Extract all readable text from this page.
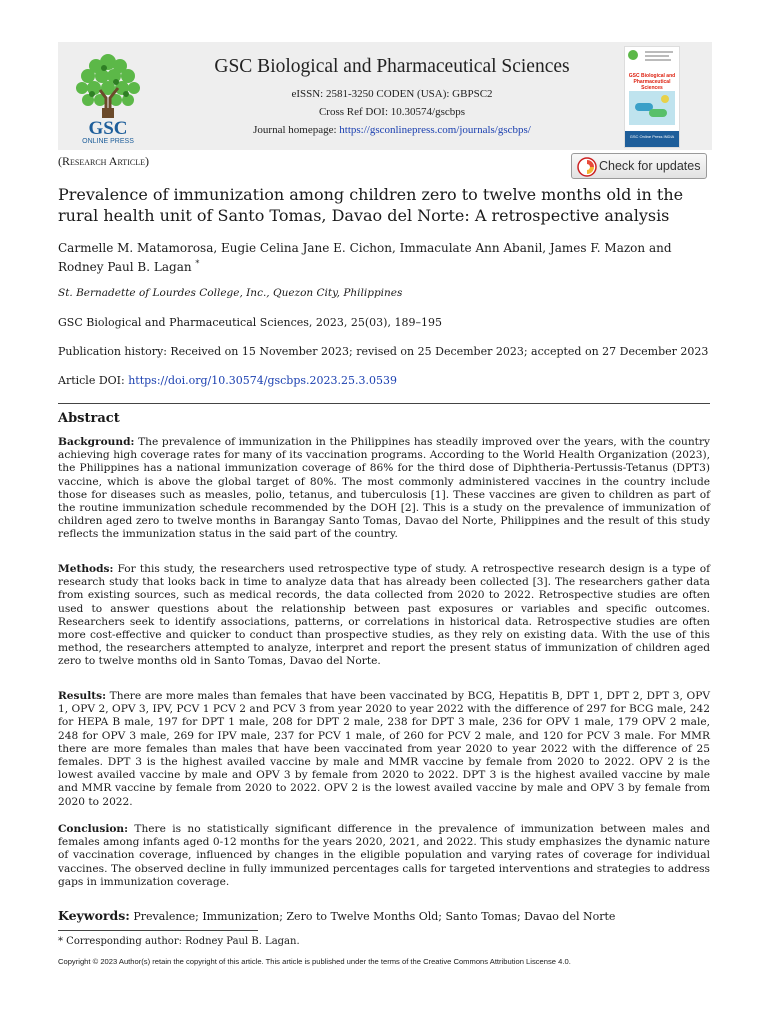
GSC
ONLINE PRESS
GSC Biological and Pharmaceutical Sciences
eISSN: 2581-3250 CODEN (USA): GBPSC2
Cross Ref DOI: 10.30574/gscbps
Journal homepage: https://gsconlinepress.com/journals/gscbps/
GSC Biological and Pharmaceutical Sciences
GSC Online Press INDIA
(Research Article)	Check for updates
Prevalence of immunization among children zero to twelve months old in the rural health unit of Santo Tomas, Davao del Norte: A retrospective analysis
Carmelle M. Matamorosa, Eugie Celina Jane E. Cichon, Immaculate Ann Abanil, James F. Mazon and Rodney Paul B. Lagan *
St. Bernadette of Lourdes College, Inc., Quezon City, Philippines
GSC Biological and Pharmaceutical Sciences, 2023, 25(03), 189–195
Publication history: Received on 15 November 2023; revised on 25 December 2023; accepted on 27 December 2023
Article DOI: https://doi.org/10.30574/gscbps.2023.25.3.0539
Abstract
Background: The prevalence of immunization in the Philippines has steadily improved over the years, with the country achieving high coverage rates for many of its vaccination programs. According to the World Health Organization (2023), the Philippines has a national immunization coverage of 86% for the third dose of Diphtheria-Pertussis-Tetanus (DPT3) vaccine, which is above the global target of 80%. The most commonly administered vaccines in the country include those for diseases such as measles, polio, tetanus, and tuberculosis [1]. These vaccines are given to children as part of the routine immunization schedule recommended by the DOH [2]. This is a study on the prevalence of immunization of children aged zero to twelve months in Barangay Santo Tomas, Davao del Norte, Philippines and the result of this study reflects the immunization status in the said part of the country.
Methods: For this study, the researchers used retrospective type of study. A retrospective research design is a type of research study that looks back in time to analyze data that has already been collected [3]. The researchers gather data from existing sources, such as medical records, the data collected from 2020 to 2022. Retrospective studies are often used to answer questions about the relationship between past exposures or variables and specific outcomes. Researchers seek to identify associations, patterns, or correlations in historical data. Retrospective studies are often more cost-effective and quicker to conduct than prospective studies, as they rely on existing data. With the use of this method, the researchers attempted to analyze, interpret and report the present status of immunization of children aged zero to twelve months old in Santo Tomas, Davao del Norte.
Results: There are more males than females that have been vaccinated by BCG, Hepatitis B, DPT 1, DPT 2, DPT 3, OPV 1, OPV 2, OPV 3, IPV, PCV 1 PCV 2 and PCV 3 from year 2020 to year 2022 with the difference of 297 for BCG male, 242 for HEPA B male, 197 for DPT 1 male, 208 for DPT 2 male, 238 for DPT 3 male, 236 for OPV 1 male, 179 OPV 2 male, 248 for OPV 3 male, 269 for IPV male, 237 for PCV 1 male, of 260 for PCV 2 male, and 120 for PCV 3 male. For MMR there are more females than males that have been vaccinated from year 2020 to year 2022 with the difference of 25 females. DPT 3 is the highest availed vaccine by male and MMR vaccine by female from 2020 to 2022. OPV 2 is the lowest availed vaccine by male and OPV 3 by female from 2020 to 2022. DPT 3 is the highest availed vaccine by male and MMR vaccine by female from 2020 to 2022. OPV 2 is the lowest availed vaccine by male and OPV 3 by female from 2020 to 2022.
Conclusion: There is no statistically significant difference in the prevalence of immunization between males and females among infants aged 0-12 months for the years 2020, 2021, and 2022. This study emphasizes the dynamic nature of vaccination coverage, influenced by changes in the eligible population and varying rates of coverage for individual vaccines. The observed decline in fully immunized percentages calls for targeted interventions and strategies to address gaps in immunization coverage.
Keywords: Prevalence; Immunization; Zero to Twelve Months Old; Santo Tomas; Davao del Norte
* Corresponding author: Rodney Paul B. Lagan.
Copyright © 2023 Author(s) retain the copyright of this article. This article is published under the terms of the Creative Commons Attribution Liscense 4.0.
